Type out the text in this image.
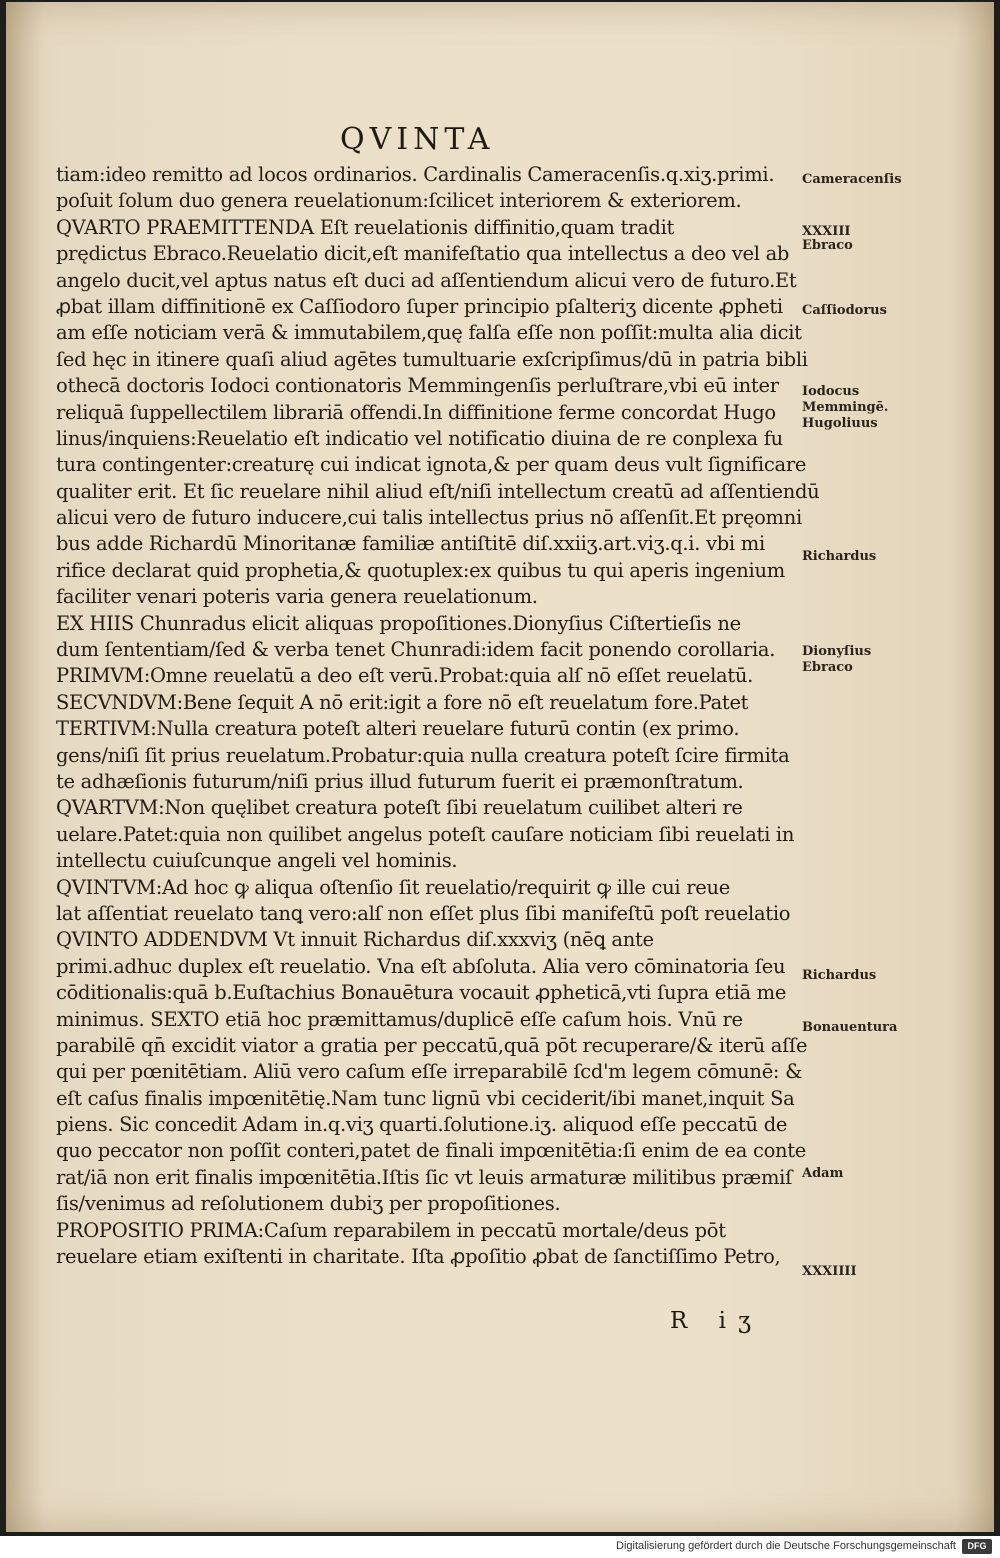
QVINTA
tiam:ideo remitto ad locos ordinarios. Cardinalis Cameracenſis.q.xiʒ.primi.
poſuit ſolum duo genera reuelationum:ſcilicet interiorem & exteriorem.
QVARTO PRAEMITTENDA Eſt reuelationis diffinitio,quam tradit
prędictus Ebraco.Reuelatio dicit,eſt manifeſtatio qua intellectus a deo vel ab
angelo ducit,vel aptus natus eſt duci ad aſſentiendum alicui vero de futuro.Et
ꝓbat illam diffinitionē ex Caſſiodoro ſuper principio pſalteriʒ dicente ꝓpheti
am eſſe noticiam verā & immutabilem,quę falſa eſſe non poſſit:multa alia dicit
ſed hęc in itinere quaſi aliud agētes tumultuarie exſcripſimus/dū in patria bibli
othecā doctoris Iodoci contionatoris Memmingenſis perluſtrare,vbi eū inter
reliquā ſuppellectilem librariā offendi.In diffinitione ferme concordat Hugo
linus/inquiens:Reuelatio eſt indicatio vel notificatio diuina de re conplexa fu
tura contingenter:creaturę cui indicat ignota,& per quam deus vult ſignificare
qualiter erit. Et ſic reuelare nihil aliud eſt/niſi intellectum creatū ad aſſentiendū
alicui vero de futuro inducere,cui talis intellectus prius nō aſſenſit.Et pręomni
bus adde Richardū Minoritanæ familiæ antiſtitē diſ.xxiiʒ.art.viʒ.q.i. vbi mi
rifice declarat quid prophetia,& quotuplex:ex quibus tu qui aperis ingenium
faciliter venari poteris varia genera reuelationum.
EX HIIS Chunradus elicit aliquas propoſitiones.Dionyſius Ciſtertieſis ne
dum ſententiam/ſed & verba tenet Chunradi:idem facit ponendo corollaria.
PRIMVM:Omne reuelatū a deo eſt verū.Probat:quia alſ nō eſſet reuelatū.
SECVNDVM:Bene ſequit A nō erit:igit a fore nō eſt reuelatum fore.Patet
TERTIVM:Nulla creatura poteſt alteri reuelare futurū contin (ex primo.
gens/niſi ſit prius reuelatum.Probatur:quia nulla creatura poteſt ſcire firmita
te adhæſionis futurum/niſi prius illud futurum fuerit ei præmonſtratum.
QVARTVM:Non quęlibet creatura poteſt ſibi reuelatum cuilibet alteri re
uelare.Patet:quia non quilibet angelus poteſt cauſare noticiam ſibi reuelati in
intellectu cuiuſcunque angeli vel hominis.
QVINTVM:Ad hoc ꝙ aliqua oſtenſio ſit reuelatio/requirit ꝙ ille cui reue
lat aſſentiat reuelato tanꝗ vero:alſ non eſſet plus ſibi manifeſtū poſt reuelatio
QVINTO ADDENDVM Vt innuit Richardus diſ.xxxviʒ (nēꝗ ante
primi.adhuc duplex eſt reuelatio. Vna eſt abſoluta. Alia vero cōminatoria ſeu
cōditionalis:quā b.Euſtachius Bonauētura vocauit ꝓpheticā,vti ſupra etiā me
minimus. SEXTO etiā hoc præmittamus/duplicē eſſe caſum hois. Vnū re
parabilē qn̄ excidit viator a gratia per peccatū,quā pōt recuperare/& iterū aſſe
qui per pœnitētiam. Aliū vero caſum eſſe irreparabilē ſcd'm legem cōmunē: &
eſt caſus finalis impœnitētię.Nam tunc lignū vbi ceciderit/ibi manet,inquit Sa
piens. Sic concedit Adam in.q.viʒ quarti.ſolutione.iʒ. aliquod eſſe peccatū de
quo peccator non poſſit conteri,patet de finali impœnitētia:ſi enim de ea conte
rat/iā non erit finalis impœnitētia.Iſtis ſic vt leuis armaturæ militibus præmiſ
ſis/venimus ad reſolutionem dubiʒ per propoſitiones.
PROPOSITIO PRIMA:Caſum reparabilem in peccatū mortale/deus pōt
reuelare etiam exiſtenti in charitate. Iſta ꝓpoſitio ꝓbat de ſanctiſſimo Petro,
Cameracenſis
XXXIII
Ebraco
Caſſiodorus
Iodocus
Memmingē.
Hugoliuus
Richardus
Dionyſius
Ebraco
Richardus
Bonauentura
Adam
XXXIIII
R iʒ
Digitalisierung gefördert durch die Deutsche Forschungsgemeinschaft	DFG
